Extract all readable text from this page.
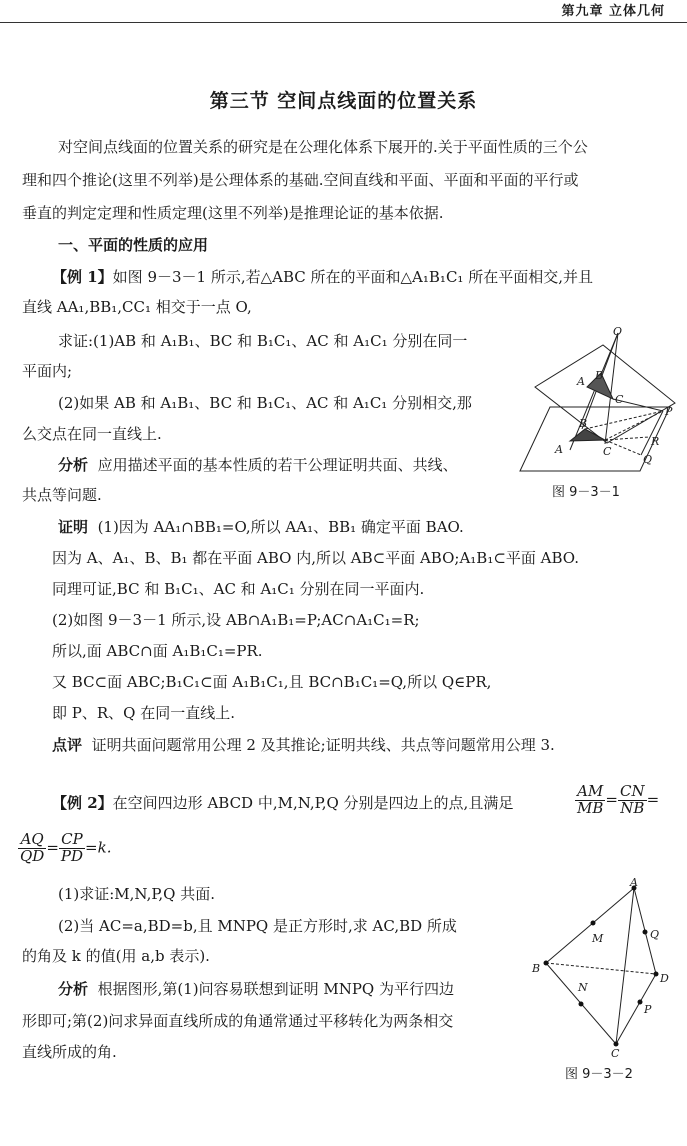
第九章 立体几何
第三节 空间点线面的位置关系

对空间点线面的位置关系的研究是在公理化体系下展开的.关于平面性质的三个公

理和四个推论(这里不列举)是公理体系的基础.空间直线和平面、平面和平面的平行或

垂直的判定定理和性质定理(这里不列举)是推理论证的基本依据.

一、平面的性质的应用

【例 1】如图 9－3－1 所示,若△ABC 所在的平面和△A₁B₁C₁ 所在平面相交,并且

直线 AA₁,BB₁,CC₁ 相交于一点 O,

求证:(1)AB 和 A₁B₁、BC 和 B₁C₁、AC 和 A₁C₁ 分别在同一

平面内;

(2)如果 AB 和 A₁B₁、BC 和 B₁C₁、AC 和 A₁C₁ 分别相交,那

么交点在同一直线上.

分析 应用描述平面的基本性质的若干公理证明共面、共线、

共点等问题.

O
A B
C
P
R
Q
A
B
C
图 9－3－1

证明 (1)因为 AA₁∩BB₁=O,所以 AA₁、BB₁ 确定平面 BAO.

因为 A、A₁、B、B₁ 都在平面 ABO 内,所以 AB⊂平面 ABO;A₁B₁⊂平面 ABO.

同理可证,BC 和 B₁C₁、AC 和 A₁C₁ 分别在同一平面内.

(2)如图 9－3－1 所示,设 AB∩A₁B₁=P;AC∩A₁C₁=R;

所以,面 ABC∩面 A₁B₁C₁=PR.

又 BC⊂面 ABC;B₁C₁⊂面 A₁B₁C₁,且 BC∩B₁C₁=Q,所以 Q∈PR,

即 P、R、Q 在同一直线上.

点评 证明共面问题常用公理 2 及其推论;证明共线、共点等问题常用公理 3.

【例 2】在空间四边形 ABCD 中,M,N,P,Q 分别是四边上的点,且满足	$\frac{AM}{MB} = \frac{CN}{NB}$ =
$\frac{AQ}{QD} = \frac{CP}{PD} =k$.

(1)求证:M,N,P,Q 共面.

(2)当 AC=a,BD=b,且 MNPQ 是正方形时,求 AC,BD 所成

的角及 k 的值(用 a,b 表示).

分析 根据图形,第(1)问容易联想到证明 MNPQ 为平行四边

形即可;第(2)问求异面直线所成的角通常通过平移转化为两条相交

直线所成的角.

A
B
C
D
M
N
P
Q
图 9－3－2
